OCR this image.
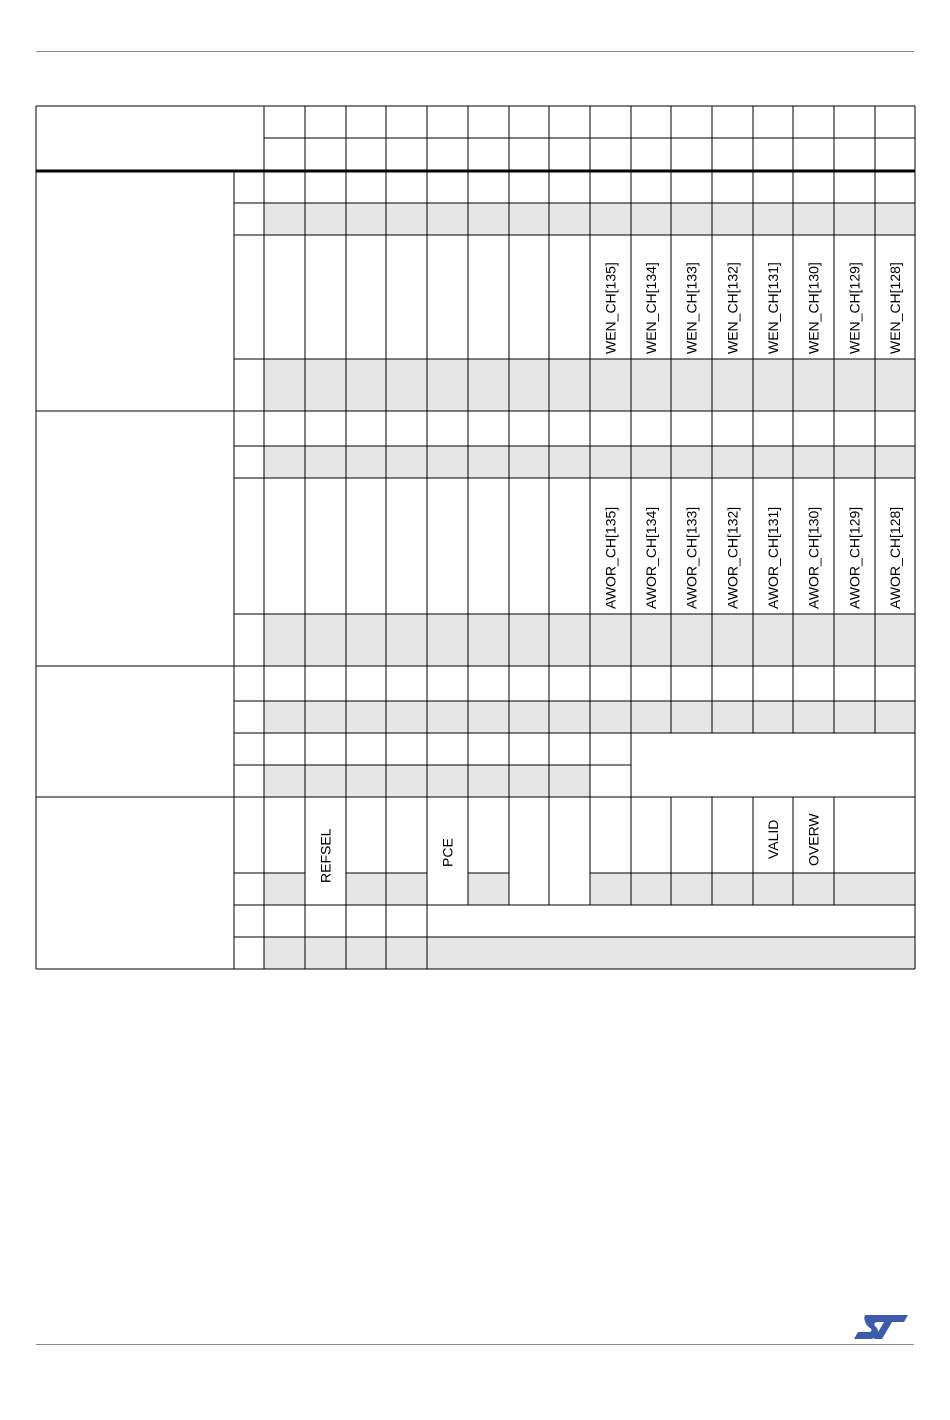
WEN_CH[135] WEN_CH[134] WEN_CH[133] WEN_CH[132] WEN_CH[131] WEN_CH[130] WEN_CH[129] WEN_CH[128]
AWOR_CH[135] AWOR_CH[134] AWOR_CH[133] AWOR_CH[132] AWOR_CH[131] AWOR_CH[130] AWOR_CH[129] AWOR_CH[128]
REFSEL	PCE	VALID OVERW
